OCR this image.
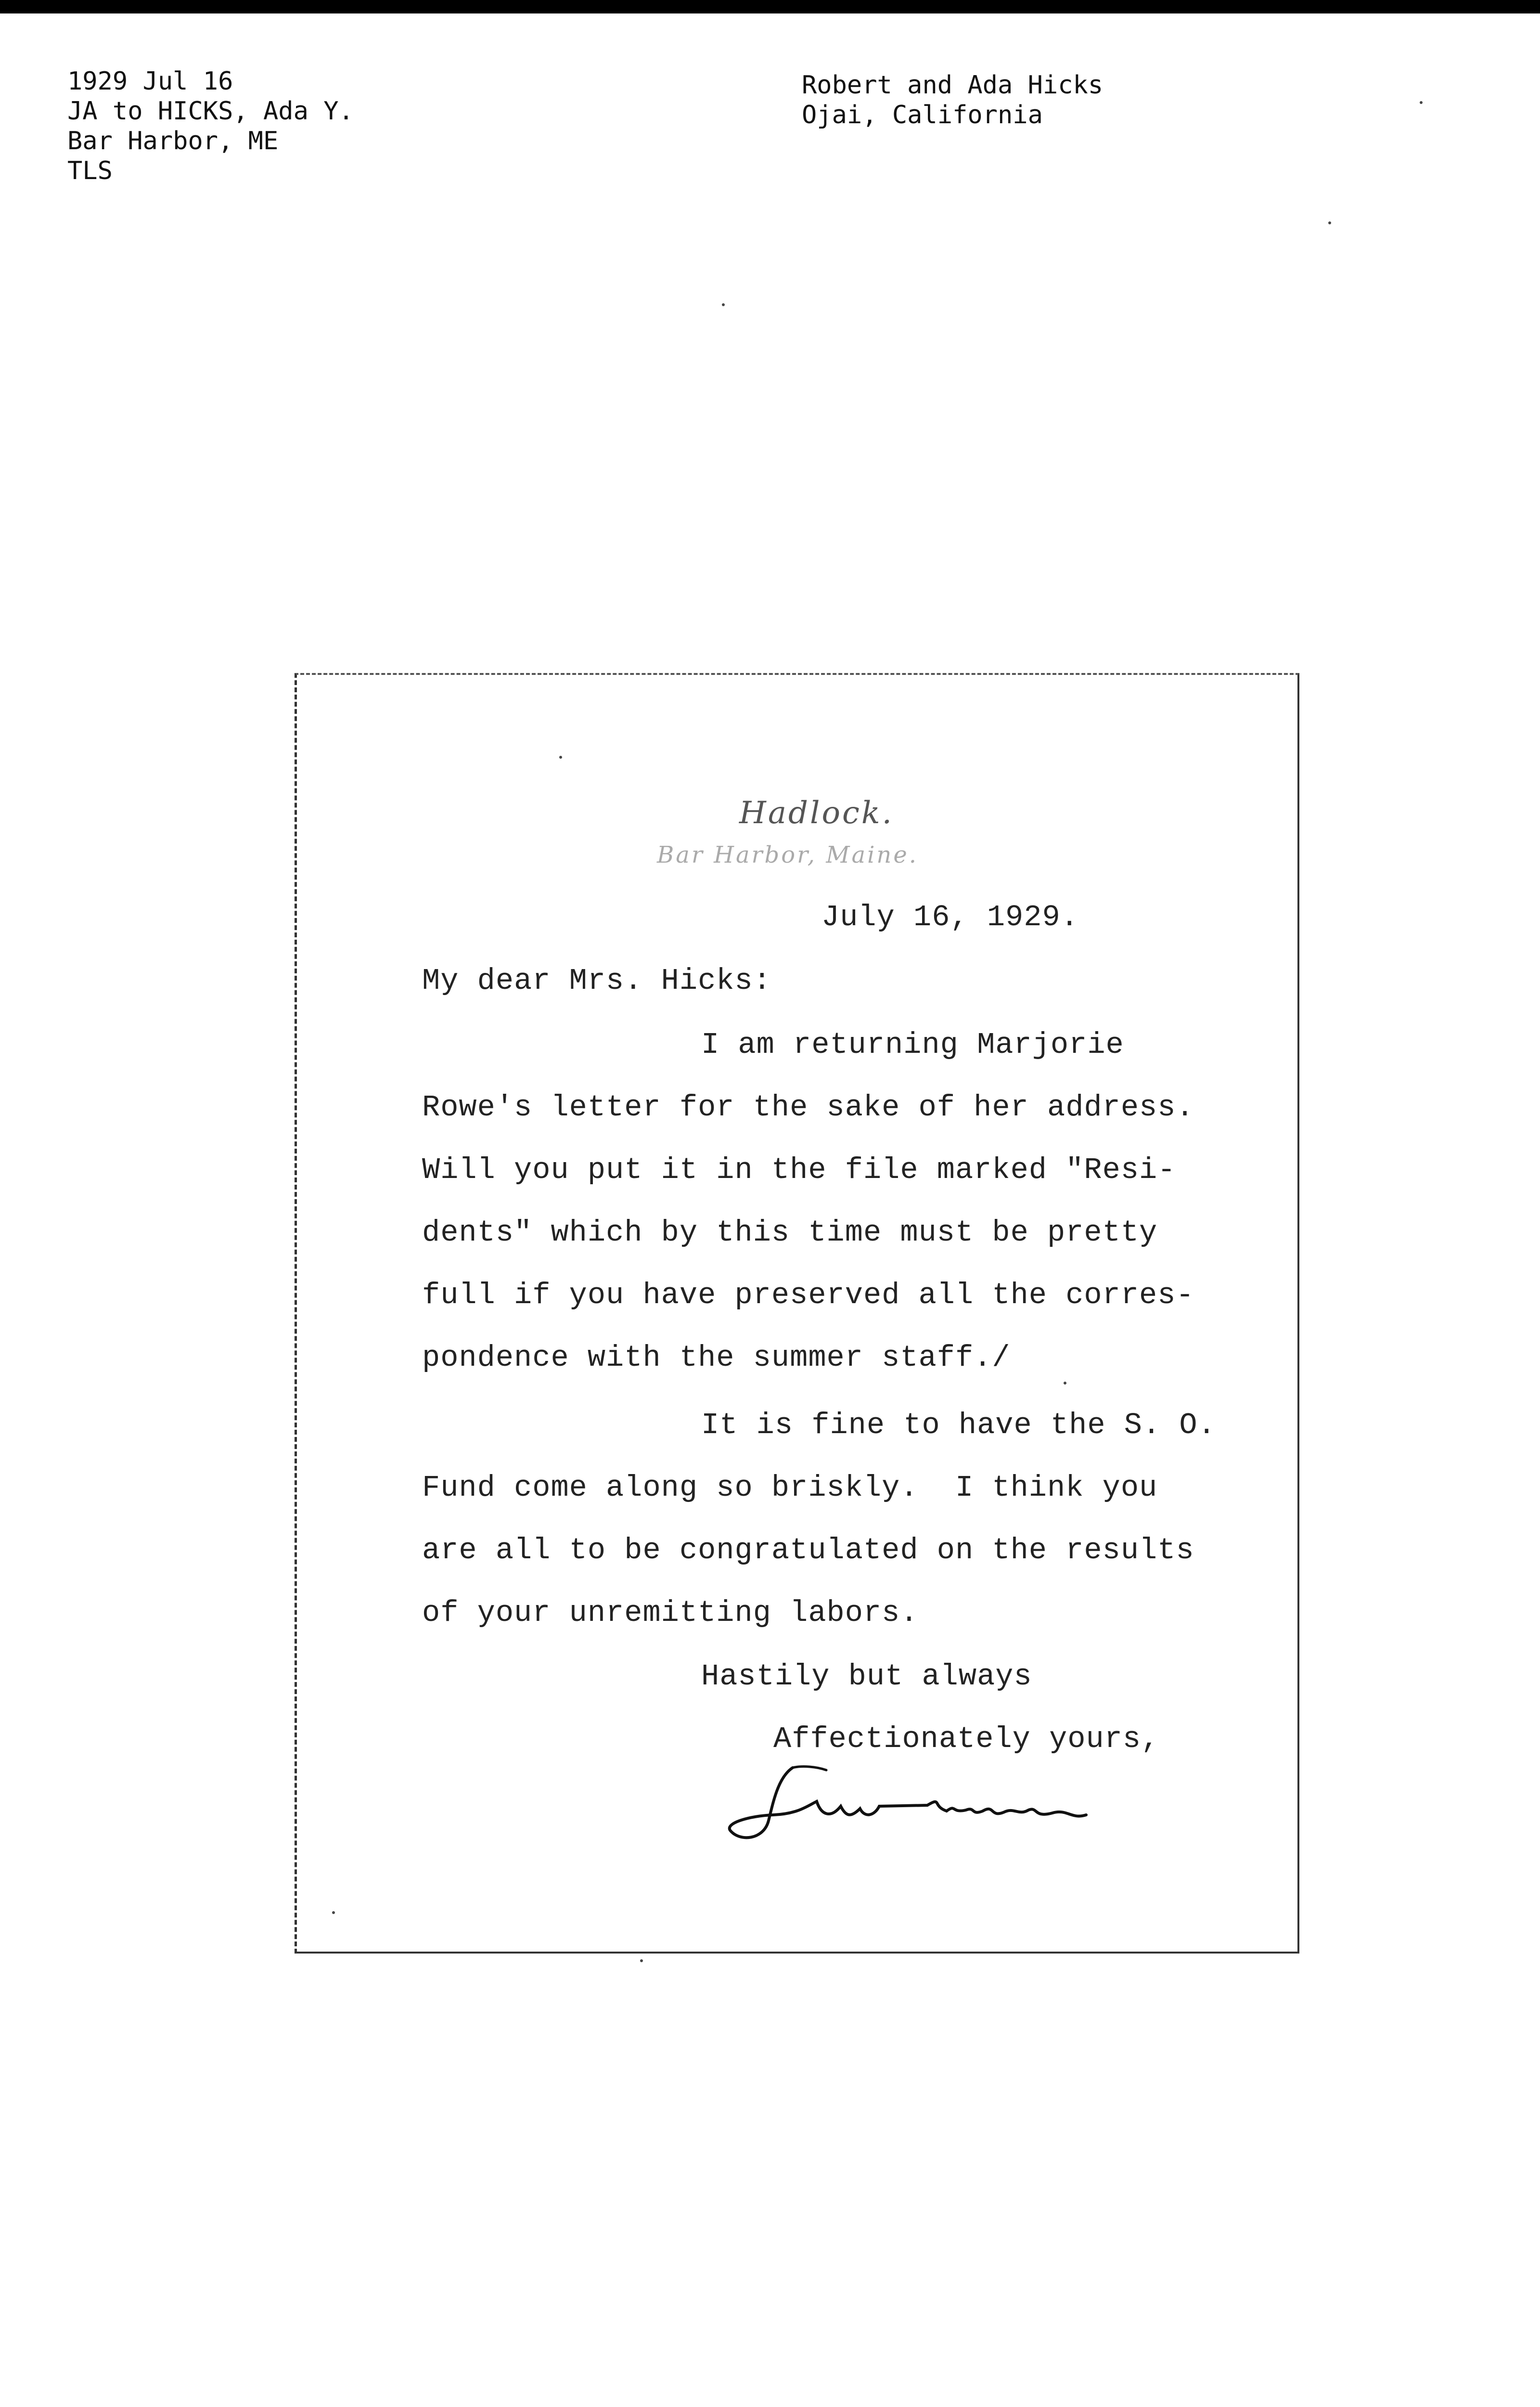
1929 Jul 16
JA to HICKS, Ada Y.
Bar Harbor, ME
TLS
Robert and Ada Hicks
Ojai, California
Hadlock.
Bar Harbor, Maine.
July 16, 1929.
My dear Mrs. Hicks:
I am returning Marjorie
Rowe's letter for the sake of her address.
Will you put it in the file marked "Resi-
dents" which by this time must be pretty
full if you have preserved all the corres-
pondence with the summer staff./
It is fine to have the S. O.
Fund come along so briskly.  I think you
are all to be congratulated on the results
of your unremitting labors.
Hastily but always
Affectionately yours,
